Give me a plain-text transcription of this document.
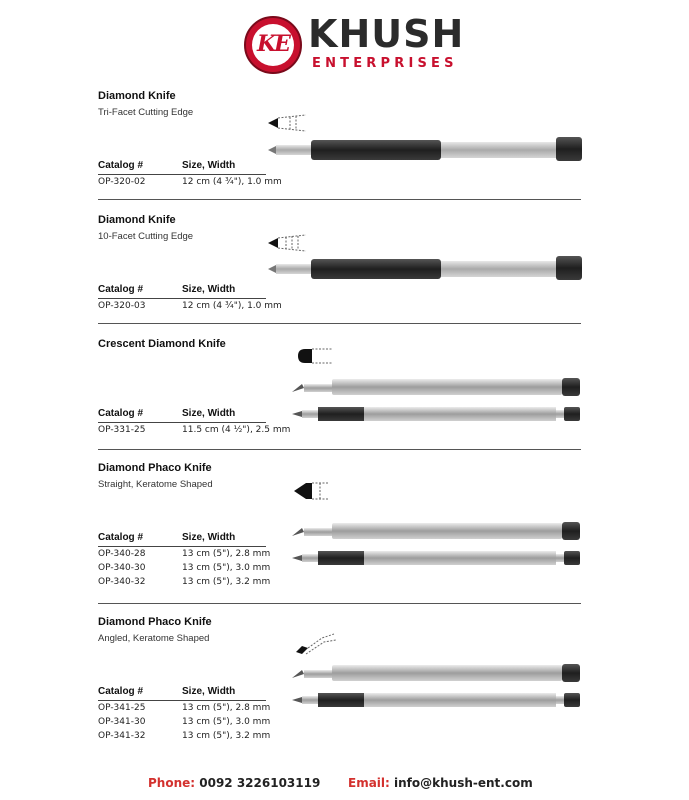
KE KHUSH
ENTERPRISES
Diamond Knife
Tri-Facet Cutting Edge
Catalog #	Size, Width
OP-320-02	12 cm (4 ¾"), 1.0 mm
Diamond Knife
10-Facet Cutting Edge
Catalog #	Size, Width
OP-320-03	12 cm (4 ¾"), 1.0 mm
Crescent Diamond Knife
Catalog #	Size, Width
OP-331-25	11.5 cm (4 ½"), 2.5 mm
Diamond Phaco Knife
Straight, Keratome Shaped
Catalog #	Size, Width
OP-340-28	13 cm (5"), 2.8 mm
OP-340-30	13 cm (5"), 3.0 mm
OP-340-32	13 cm (5"), 3.2 mm
Diamond Phaco Knife
Angled, Keratome Shaped
Catalog #	Size, Width
OP-341-25	13 cm (5"), 2.8 mm
OP-341-30	13 cm (5"), 3.0 mm
OP-341-32	13 cm (5"), 3.2 mm
Phone: 0092 3226103119 Email: info@khush-ent.com
